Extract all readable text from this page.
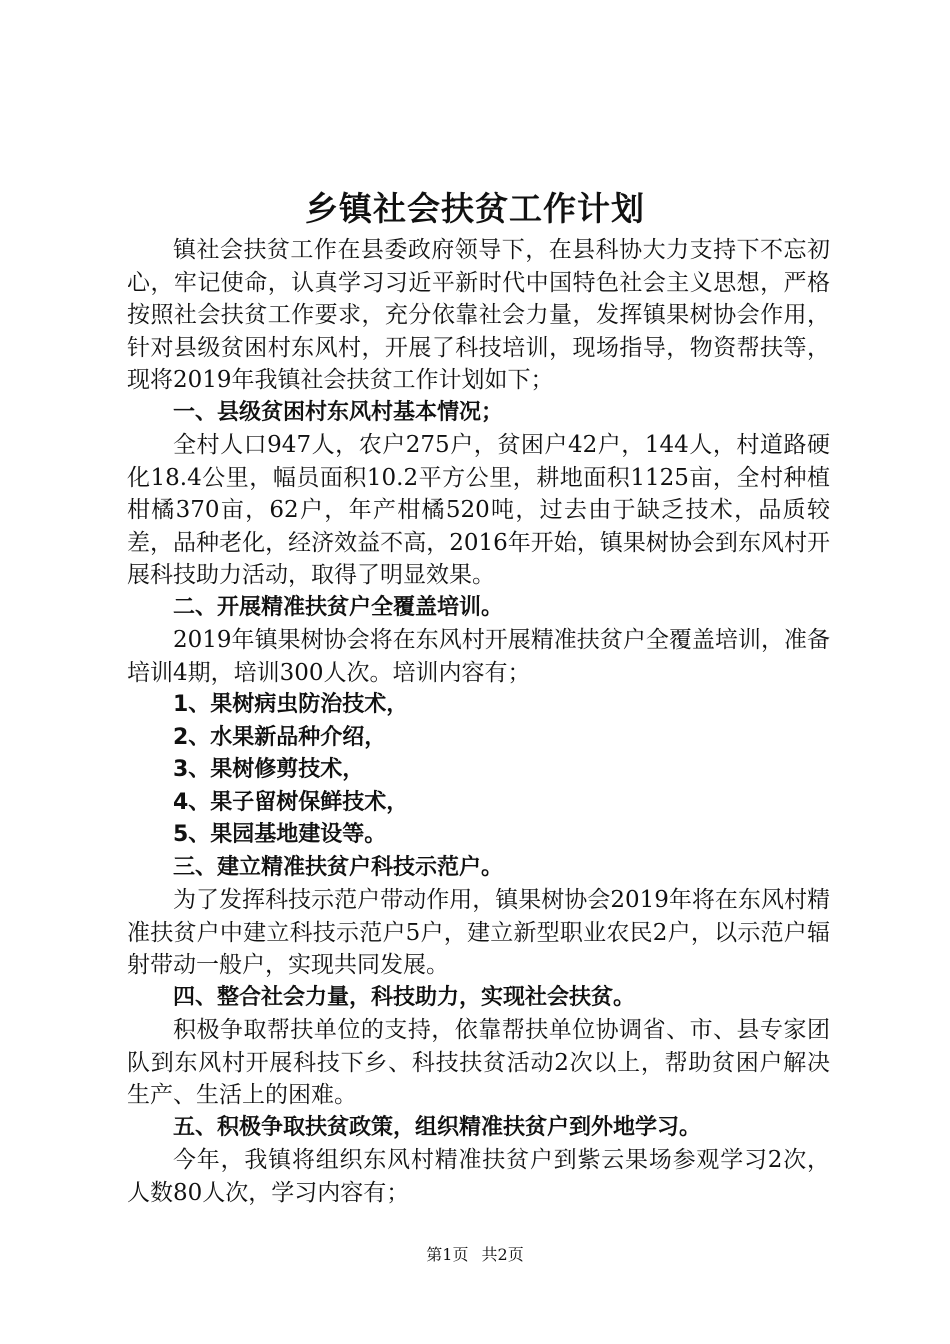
乡镇社会扶贫工作计划
镇社会扶贫工作在县委政府领导下，在县科协大力支持下不忘初心，牢记使命，认真学习习近平新时代中国特色社会主义思想，严格按照社会扶贫工作要求，充分依靠社会力量，发挥镇果树协会作用，针对县级贫困村东风村，开展了科技培训，现场指导，物资帮扶等，现将2019年我镇社会扶贫工作计划如下；
一、县级贫困村东风村基本情况；
全村人口947人，农户275户，贫困户42户，144人，村道路硬化18.4公里，幅员面积10.2平方公里，耕地面积1125亩，全村种植柑橘370亩，62户，年产柑橘520吨，过去由于缺乏技术，品质较差，品种老化，经济效益不高，2016年开始，镇果树协会到东风村开展科技助力活动，取得了明显效果。
二、开展精准扶贫户全覆盖培训。
2019年镇果树协会将在东风村开展精准扶贫户全覆盖培训，准备培训4期，培训300人次。培训内容有；
1、果树病虫防治技术，
2、水果新品种介绍，
3、果树修剪技术，
4、果子留树保鲜技术，
5、果园基地建设等。
三、建立精准扶贫户科技示范户。
为了发挥科技示范户带动作用，镇果树协会2019年将在东风村精准扶贫户中建立科技示范户5户，建立新型职业农民2户，以示范户辐射带动一般户，实现共同发展。
四、整合社会力量，科技助力，实现社会扶贫。
积极争取帮扶单位的支持，依靠帮扶单位协调省、市、县专家团队到东风村开展科技下乡、科技扶贫活动2次以上，帮助贫困户解决生产、生活上的困难。
五、积极争取扶贫政策，组织精准扶贫户到外地学习。
今年，我镇将组织东风村精准扶贫户到紫云果场参观学习2次，人数80人次，学习内容有；
第1页 共2页
